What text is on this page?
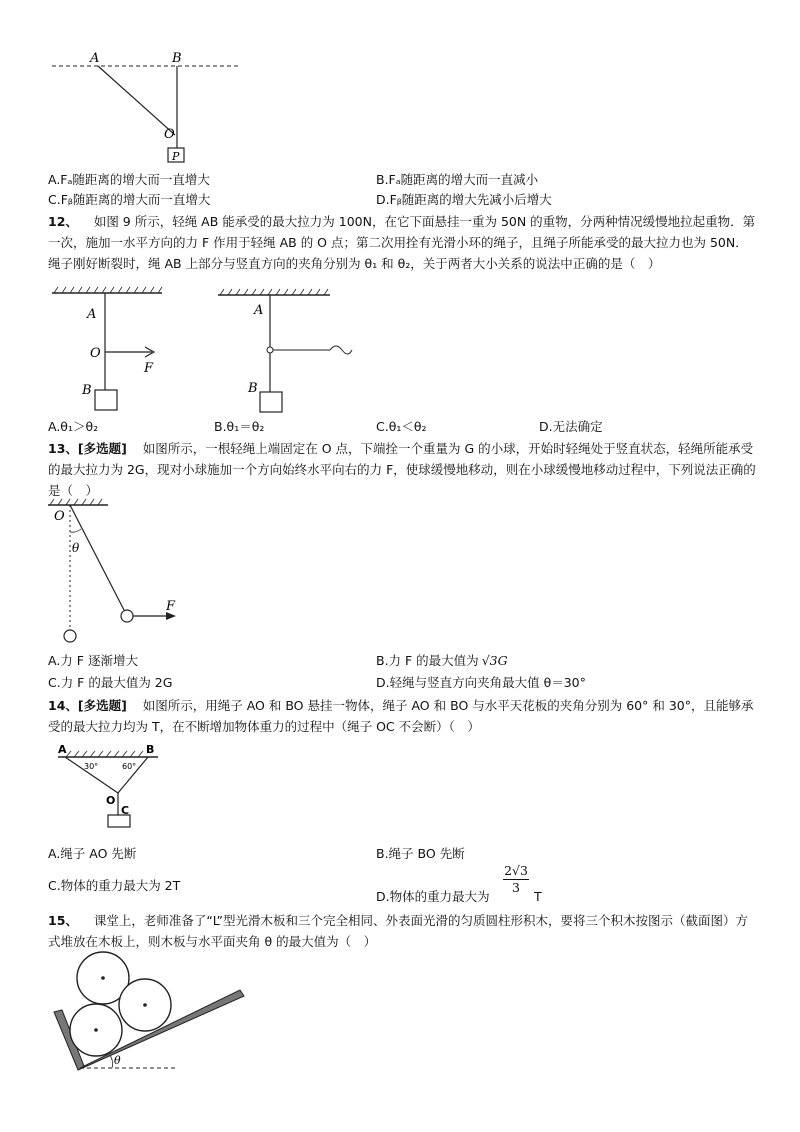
A	B
O
P
A.Fₐ随距离的增大而一直增大	B.Fₐ随距离的增大而一直减小
C.Fᵦ随距离的增大而一直增大	D.Fᵦ随距离的增大先减小后增大
12、 如图 9 所示，轻绳 AB 能承受的最大拉力为 100N，在它下面悬挂一重为 50N 的重物，分两种情况缓慢地拉起重物．第一次，施加一水平方向的力 F 作用于轻绳 AB 的 O 点；第二次用拴有光滑小环的绳子，且绳子所能承受的最大拉力也为 50N．绳子刚好断裂时，绳 AB 上部分与竖直方向的夹角分别为 θ₁ 和 θ₂，关于两者大小关系的说法中正确的是（　）
A
O
F
B
A
B
A.θ₁＞θ₂	B.θ₁＝θ₂	C.θ₁＜θ₂	D.无法确定
13、[多选题] 如图所示，一根轻绳上端固定在 O 点，下端拴一个重量为 G 的小球，开始时轻绳处于竖直状态，轻绳所能承受的最大拉力为 2G，现对小球施加一个方向始终水平向右的力 F，使球缓慢地移动，则在小球缓慢地移动过程中，下列说法正确的是（　）
O
θ
F
A.力 F 逐渐增大	B.力 F 的最大值为 √3G
C.力 F 的最大值为 2G	D.轻绳与竖直方向夹角最大值 θ＝30°
14、[多选题] 如图所示，用绳子 AO 和 BO 悬挂一物体，绳子 AO 和 BO 与水平天花板的夹角分别为 60° 和 30°，且能够承受的最大拉力均为 T，在不断增加物体重力的过程中（绳子 OC 不会断）（　）
A	B
30°	60°
O
C
A.绳子 AO 先断	B.绳子 BO 先断
C.物体的重力最大为 2T
D.物体的重力最大为
$\frac{2√3}{3}$
T
15、 课堂上，老师准备了“L”型光滑木板和三个完全相同、外表面光滑的匀质圆柱形积木，要将三个积木按图示（截面图）方式堆放在木板上，则木板与水平面夹角 θ 的最大值为（　）
θ
